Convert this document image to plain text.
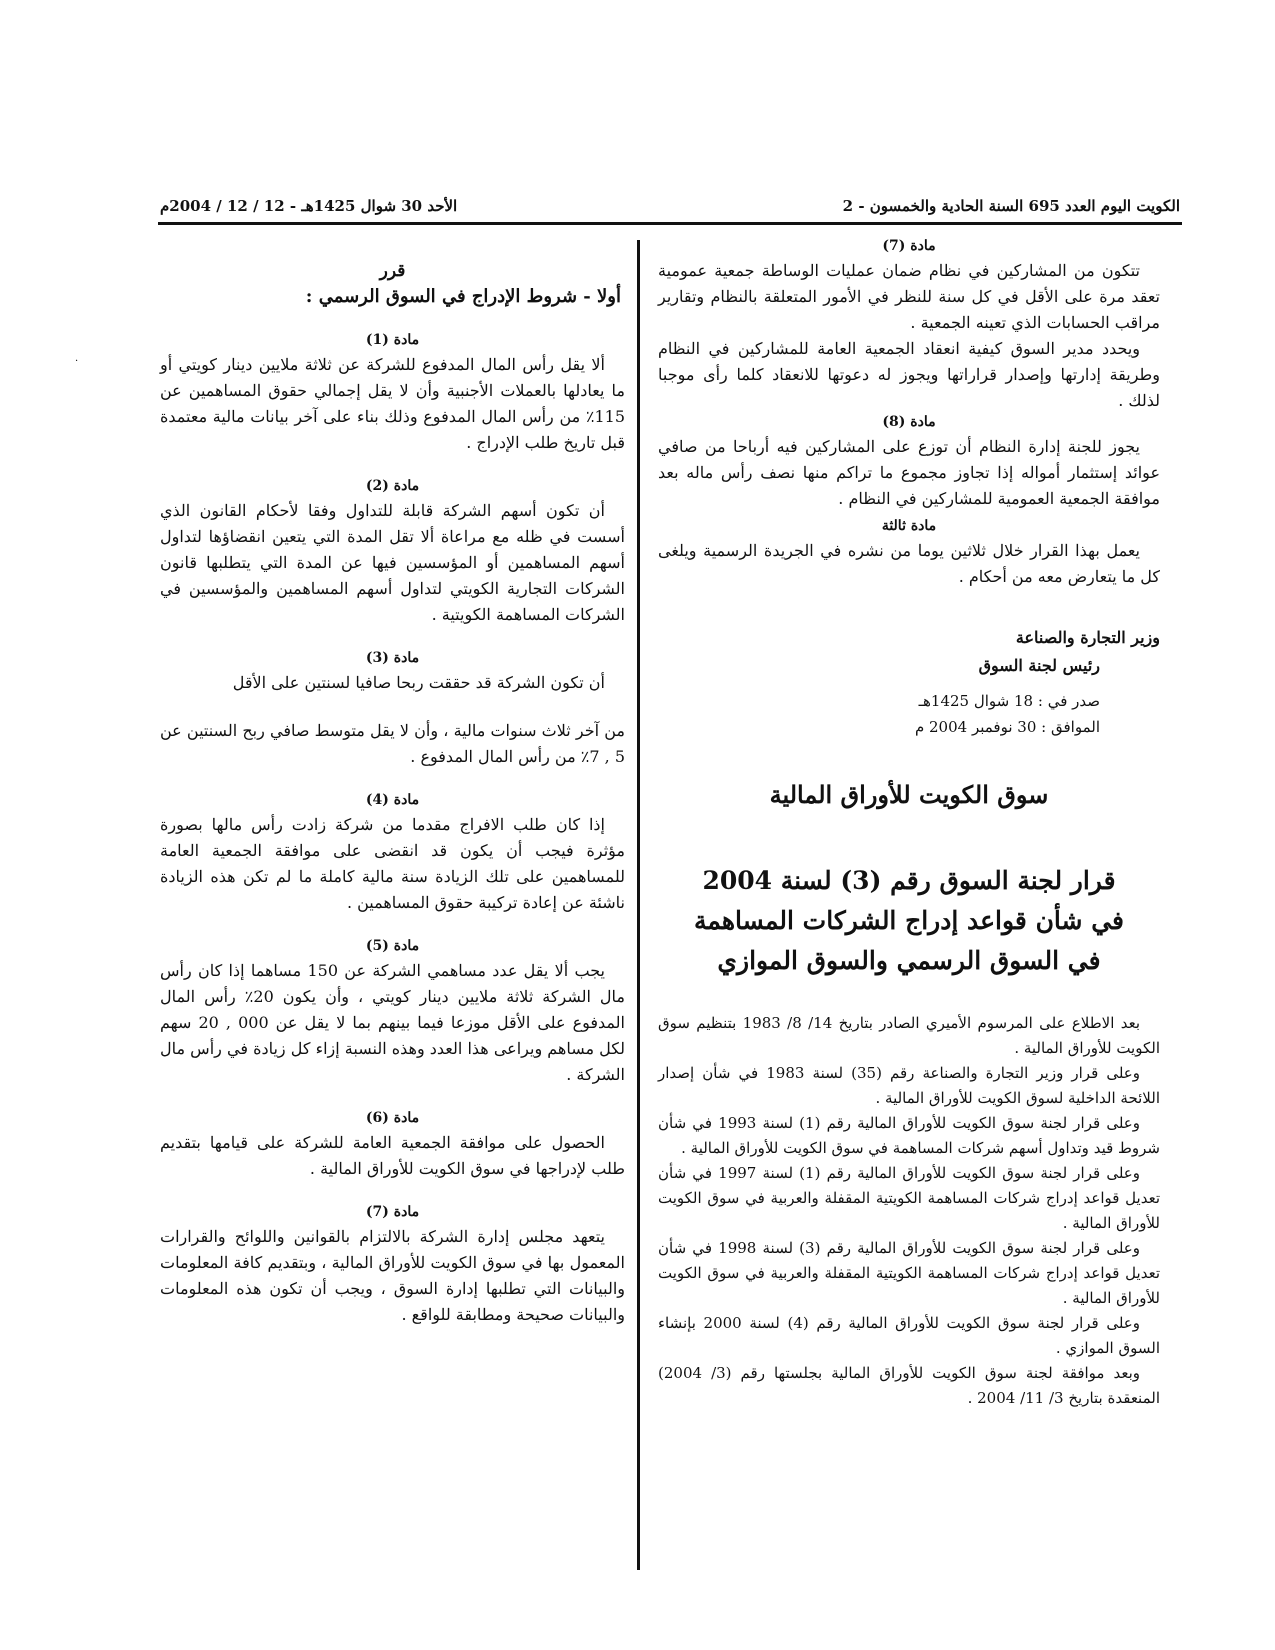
الكويت اليوم العدد 695 السنة الحادية والخمسون - 2
الأحد 30 شوال 1425هـ - 12 / 12 / 2004م
مادة (7)

تتكون من المشاركين في نظام ضمان عمليات الوساطة جمعية عمومية تعقد مرة على الأقل في كل سنة للنظر في الأمور المتعلقة بالنظام وتقارير مراقب الحسابات الذي تعينه الجمعية .

ويحدد مدير السوق كيفية انعقاد الجمعية العامة للمشاركين في النظام وطريقة إدارتها وإصدار قراراتها ويجوز له دعوتها للانعقاد كلما رأى موجبا لذلك .

مادة (8)

يجوز للجنة إدارة النظام أن توزع على المشاركين فيه أرباحا من صافي عوائد إستثمار أمواله إذا تجاوز مجموع ما تراكم منها نصف رأس ماله بعد موافقة الجمعية العمومية للمشاركين في النظام .

مادة ثالثة

يعمل بهذا القرار خلال ثلاثين يوما من نشره في الجريدة الرسمية ويلغى كل ما يتعارض معه من أحكام .

وزير التجارة والصناعة
رئيس لجنة السوق

صدر في : 18 شوال 1425هـ

الموافق : 30 نوفمبر 2004 م

سوق الكويت للأوراق المالية
قرار لجنة السوق رقم (3) لسنة 2004
في شأن قواعد إدراج الشركات المساهمة
في السوق الرسمي والسوق الموازي

بعد الاطلاع على المرسوم الأميري الصادر بتاريخ 14/ 8/ 1983 بتنظيم سوق الكويت للأوراق المالية .

وعلى قرار وزير التجارة والصناعة رقم (35) لسنة 1983 في شأن إصدار اللائحة الداخلية لسوق الكويت للأوراق المالية .

وعلى قرار لجنة سوق الكويت للأوراق المالية رقم (1) لسنة 1993 في شأن شروط قيد وتداول أسهم شركات المساهمة في سوق الكويت للأوراق المالية .

وعلى قرار لجنة سوق الكويت للأوراق المالية رقم (1) لسنة 1997 في شأن تعديل قواعد إدراج شركات المساهمة الكويتية المقفلة والعربية في سوق الكويت للأوراق المالية .

وعلى قرار لجنة سوق الكويت للأوراق المالية رقم (3) لسنة 1998 في شأن تعديل قواعد إدراج شركات المساهمة الكويتية المقفلة والعربية في سوق الكويت للأوراق المالية .

وعلى قرار لجنة سوق الكويت للأوراق المالية رقم (4) لسنة 2000 بإنشاء السوق الموازي .

وبعد موافقة لجنة سوق الكويت للأوراق المالية بجلستها رقم (3/ 2004) المنعقدة بتاريخ 3/ 11/ 2004 .

قرر
أولا - شروط الإدراج في السوق الرسمي :
مادة (1)

ألا يقل رأس المال المدفوع للشركة عن ثلاثة ملايين دينار كويتي أو ما يعادلها بالعملات الأجنبية وأن لا يقل إجمالي حقوق المساهمين عن 115٪ من رأس المال المدفوع وذلك بناء على آخر بيانات مالية معتمدة قبل تاريخ طلب الإدراج .

مادة (2)

أن تكون أسهم الشركة قابلة للتداول وفقا لأحكام القانون الذي أسست في ظله مع مراعاة ألا تقل المدة التي يتعين انقضاؤها لتداول أسهم المساهمين أو المؤسسين فيها عن المدة التي يتطلبها قانون الشركات التجارية الكويتي لتداول أسهم المساهمين والمؤسسين في الشركات المساهمة الكويتية .

مادة (3)

أن تكون الشركة قد حققت ربحا صافيا لسنتين على الأقل

من آخر ثلاث سنوات مالية ، وأن لا يقل متوسط صافي ربح السنتين عن 5 , 7٪ من رأس المال المدفوع .

مادة (4)

إذا كان طلب الافراج مقدما من شركة زادت رأس مالها بصورة مؤثرة فيجب أن يكون قد انقضى على موافقة الجمعية العامة للمساهمين على تلك الزيادة سنة مالية كاملة ما لم تكن هذه الزيادة ناشئة عن إعادة تركيبة حقوق المساهمين .

مادة (5)

يجب ألا يقل عدد مساهمي الشركة عن 150 مساهما إذا كان رأس مال الشركة ثلاثة ملايين دينار كويتي ، وأن يكون 20٪ رأس المال المدفوع على الأقل موزعا فيما بينهم بما لا يقل عن 000 , 20 سهم لكل مساهم ويراعى هذا العدد وهذه النسبة إزاء كل زيادة في رأس مال الشركة .

مادة (6)

الحصول على موافقة الجمعية العامة للشركة على قيامها بتقديم طلب لإدراجها في سوق الكويت للأوراق المالية .

مادة (7)

يتعهد مجلس إدارة الشركة بالالتزام بالقوانين واللوائح والقرارات المعمول بها في سوق الكويت للأوراق المالية ، وبتقديم كافة المعلومات والبيانات التي تطلبها إدارة السوق ، ويجب أن تكون هذه المعلومات والبيانات صحيحة ومطابقة للواقع .

·
